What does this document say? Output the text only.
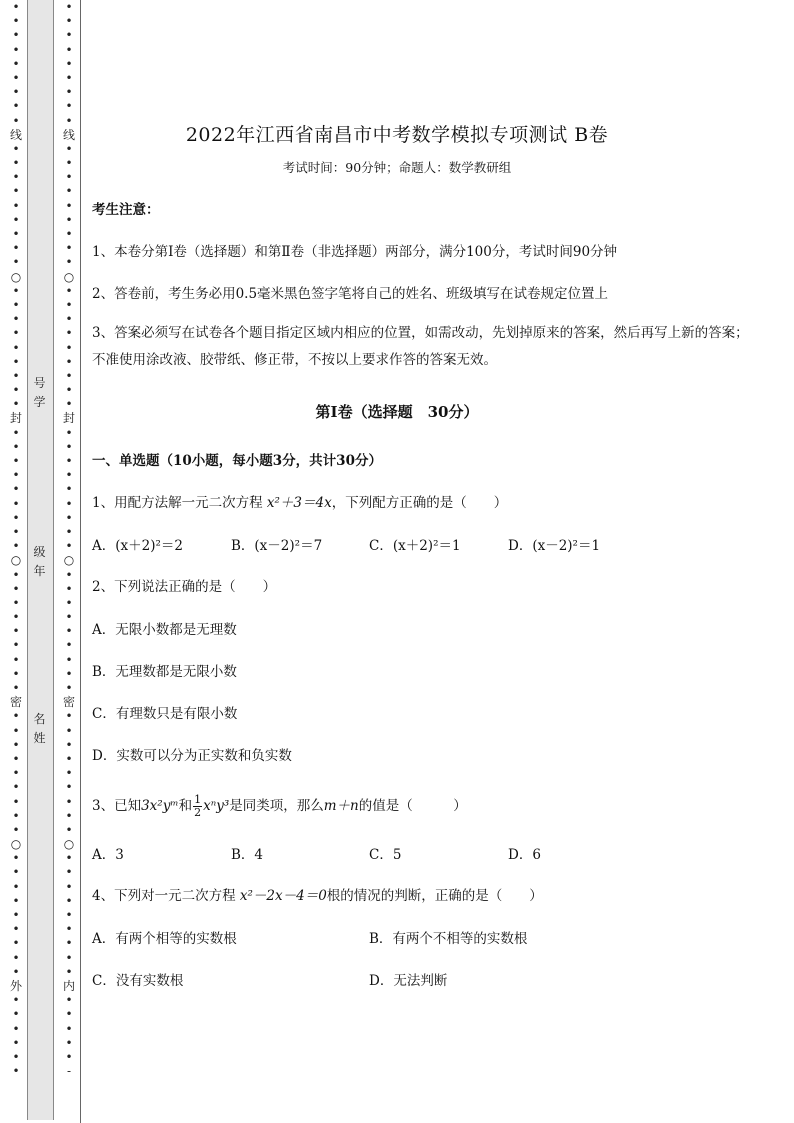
•
•
•
•
•
•
•
•
•
线
•
•
•
•
•
•
•
•
•
○
•
•
•
•
•
•
•
•
•
封
•
•
•
•
•
•
•
•
•
○
•
•
•
•
•
•
•
•
•
密
•
•
•
•
•
•
•
•
•
○
•
•
•
•
•
•
•
•
•
外
•
•
•
•
•
•
•
•
•
•
•
•
•
•
•
线
•
•
•
•
•
•
•
•
•
○
•
•
•
•
•
•
•
•
•
封
•
•
•
•
•
•
•
•
•
○
•
•
•
•
•
•
•
•
•
密
•
•
•
•
•
•
•
•
•
○
•
•
•
•
•
•
•
•
•
内
•
•
•
•
•
-
号
学
级
年
名
姓
2022年江西省南昌市中考数学模拟专项测试 B卷
考试时间：90分钟；命题人：数学教研组
考生注意：
1、本卷分第I卷（选择题）和第Ⅱ卷（非选择题）两部分，满分100分，考试时间90分钟
2、答卷前，考生务必用0.5毫米黑色签字笔将自己的姓名、班级填写在试卷规定位置上
3、答案必须写在试卷各个题目指定区域内相应的位置，如需改动，先划掉原来的答案，然后再写上新的答案；不准使用涂改液、胶带纸、修正带，不按以上要求作答的答案无效。
第I卷（选择题　30分）
一、单选题（10小题，每小题3分，共计30分）
1、用配方法解一元二次方程 x²＋3＝4x，下列配方正确的是（　　）
A．(x＋2)²＝2	B．(x－2)²＝7	C．(x＋2)²＝1	D．(x－2)²＝1
2、下列说法正确的是（　　）
A．无限小数都是无理数
B．无理数都是无限小数
C．有理数只是有限小数
D．实数可以分为正实数和负实数
3、已知3x²yᵐ和 $\frac{1}{2} x^ny^3$是同类项，那么m＋n的值是（　　　）
A．3	B．4	C．5	D．6
4、下列对一元二次方程 x²－2x－4＝0根的情况的判断，正确的是（　　）
A．有两个相等的实数根	B．有两个不相等的实数根
C．没有实数根	D．无法判断
